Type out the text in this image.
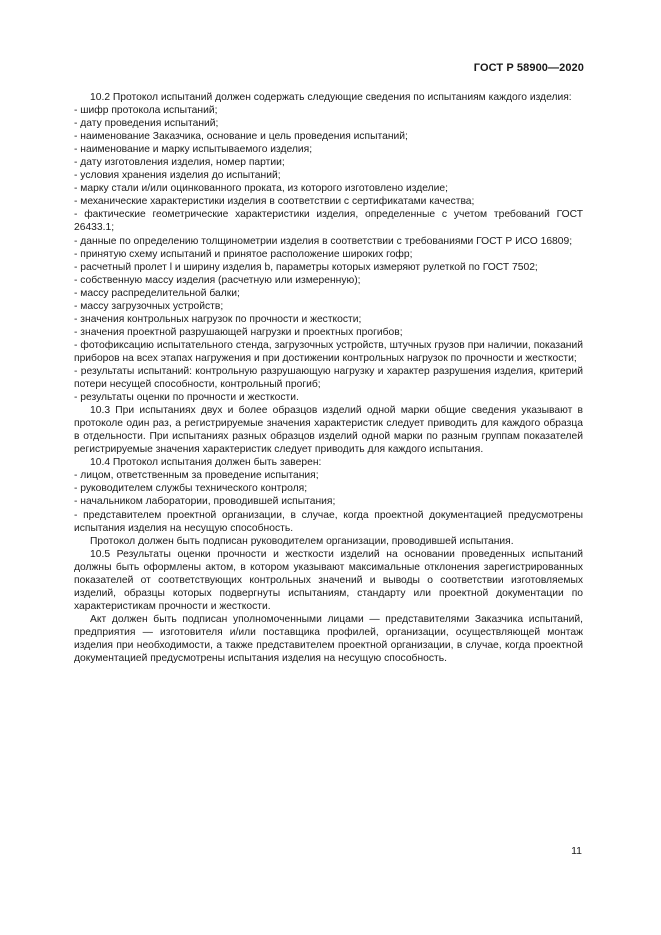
ГОСТ Р 58900—2020

10.2 Протокол испытаний должен содержать следующие сведения по испытаниям каждого изделия:

- шифр протокола испытаний;

- дату проведения испытаний;

- наименование Заказчика, основание и цель проведения испытаний;

- наименование и марку испытываемого изделия;

- дату изготовления изделия, номер партии;

- условия хранения изделия до испытаний;

- марку стали и/или оцинкованного проката, из которого изготовлено изделие;

- механические характеристики изделия в соответствии с сертификатами качества;

- фактические геометрические характеристики изделия, определенные с учетом требований ГОСТ 26433.1;

- данные по определению толщинометрии изделия в соответствии с требованиями ГОСТ Р ИСО 16809;

- принятую схему испытаний и принятое расположение широких гофр;

- расчетный пролет l и ширину изделия b, параметры которых измеряют рулеткой по ГОСТ 7502;

- собственную массу изделия (расчетную или измеренную);

- массу распределительной балки;

- массу загрузочных устройств;

- значения контрольных нагрузок по прочности и жесткости;

- значения проектной разрушающей нагрузки и проектных прогибов;

- фотофиксацию испытательного стенда, загрузочных устройств, штучных грузов при наличии, показаний приборов на всех этапах нагружения и при достижении контрольных нагрузок по прочности и жесткости;

- результаты испытаний: контрольную разрушающую нагрузку и характер разрушения изделия, критерий потери несущей способности, контрольный прогиб;

- результаты оценки по прочности и жесткости.

10.3 При испытаниях двух и более образцов изделий одной марки общие сведения указывают в протоколе один раз, а регистрируемые значения характеристик следует приводить для каждого образца в отдельности. При испытаниях разных образцов изделий одной марки по разным группам показателей регистрируемые значения характеристик следует приводить для каждого испытания.

10.4 Протокол испытания должен быть заверен:

- лицом, ответственным за проведение испытания;

- руководителем службы технического контроля;

- начальником лаборатории, проводившей испытания;

- представителем проектной организации, в случае, когда проектной документацией предусмотрены испытания изделия на несущую способность.

Протокол должен быть подписан руководителем организации, проводившей испытания.

10.5 Результаты оценки прочности и жесткости изделий на основании проведенных испытаний должны быть оформлены актом, в котором указывают максимальные отклонения зарегистрированных показателей от соответствующих контрольных значений и выводы о соответствии изготовляемых изделий, образцы которых подвергнуты испытаниям, стандарту или проектной документации по характеристикам прочности и жесткости.

Акт должен быть подписан уполномоченными лицами — представителями Заказчика испытаний, предприятия — изготовителя и/или поставщика профилей, организации, осуществляющей монтаж изделия при необходимости, а также представителем проектной организации, в случае, когда проектной документацией предусмотрены испытания изделия на несущую способность.

11
